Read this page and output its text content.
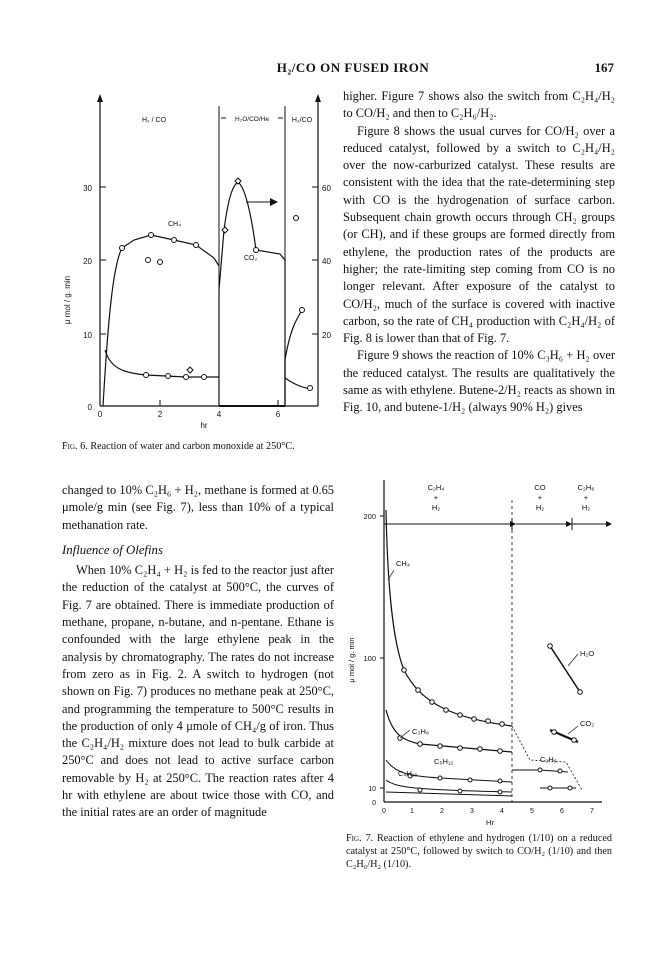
H₂/CO ON FUSED IRON	167
0
10
20
30
20
40
60
0	2	4	6
μ mol / g. min
hr
H₂ / CO	H₂O/CO/He	H₂/CO
CH₄
CO₂
Fig. 6. Reaction of water and carbon monoxide at 250°C.

higher. Figure 7 shows also the switch from C₂H₄/H₂ to CO/H₂ and then to C₂H₆/H₂.

Figure 8 shows the usual curves for CO/H₂ over a reduced catalyst, followed by a switch to C₂H₄/H₂ over the now-carburized catalyst. These results are consistent with the idea that the rate-determining step with CO is the hydrogenation of surface carbon. Subsequent chain growth occurs through CH₂ groups (or CH), and if these groups are formed directly from ethylene, the production rates of the products are higher; the rate-limiting step coming from CO is no longer relevant. After exposure of the catalyst to CO/H₂, much of the surface is covered with inactive carbon, so the rate of CH₄ production with C₂H₄/H₂ of Fig. 8 is lower than that of Fig. 7.

Figure 9 shows the reaction of 10% C₃H₆ + H₂ over the reduced catalyst. The results are qualitatively the same as with ethylene. Butene-2/H₂ reacts as shown in Fig. 10, and butene-1/H₂ (always 90% H₂) gives

changed to 10% C₂H₆ + H₂, methane is formed at 0.65 μmole/g min (see Fig. 7), less than 10% of a typical methanation rate.

Influence of Olefins

When 10% C₂H₄ + H₂ is fed to the reactor just after the reduction of the catalyst at 500°C, the curves of Fig. 7 are obtained. There is immediate production of methane, propane, n-butane, and n-pentane. Ethane is confounded with the large ethylene peak in the analysis by chromatography. The rates do not increase from zero as in Fig. 2. A switch to hydrogen (not shown on Fig. 7) produces no methane peak at 250°C, and programming the temperature to 500°C results in the production of only 4 μmole of CH₄/g of iron. Thus the C₂H₄/H₂ mixture does not lead to bulk carbide at 250°C and does not lead to active surface carbon removable by H₂ at 250°C. The reaction rates after 4 hr with ethylene are about twice those with CO, and the initial rates are an order of magnitude

C₂H₄
+
H₂
CO
+
H₂
C₂H₆
+
H₂
200
100
10
0
0	1	2	3	4	5	6	7
μ mol / g. min
Hr
CH₄
H₂O
CO₂
C₃H₈
C₅H₁₂
C₄H₁₀
C₂H₆
Fig. 7. Reaction of ethylene and hydrogen (1/10) on a reduced catalyst at 250°C, followed by switch to CO/H₂ (1/10) and then C₂H₆/H₂ (1/10).
